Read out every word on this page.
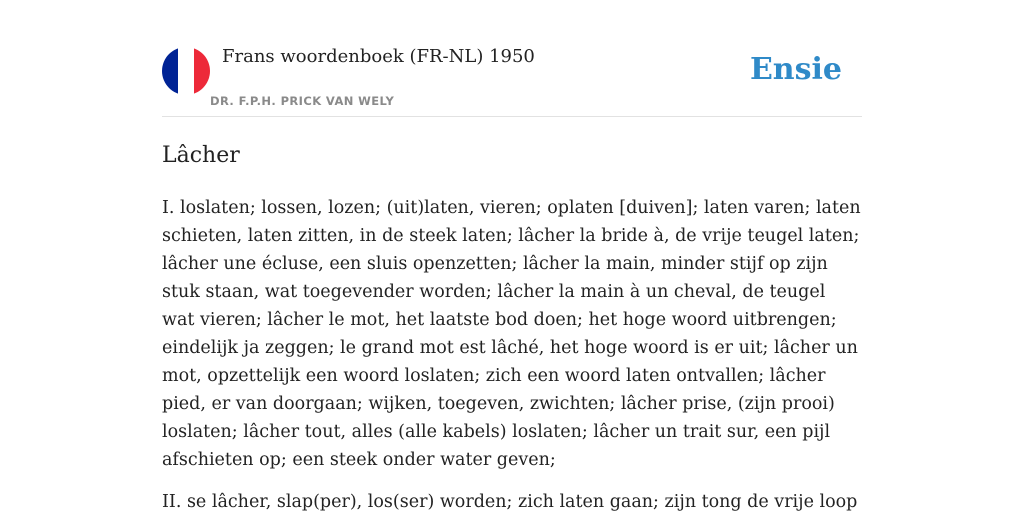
Frans woordenboek (FR-NL) 1950
DR. F.P.H. PRICK VAN WELY
Ensie
Lâcher

I. loslaten; lossen, lozen; (uit)laten, vieren; oplaten [duiven]; laten varen; laten schieten, laten zitten, in de steek laten; lâcher la bride à, de vrije teugel laten; lâcher une écluse, een sluis openzetten; lâcher la main, minder stijf op zijn stuk staan, wat toegevender worden; lâcher la main à un cheval, de teugel wat vieren; lâcher le mot, het laatste bod doen; het hoge woord uitbrengen; eindelijk ja zeggen; le grand mot est lâché, het hoge woord is er uit; lâcher un mot, opzettelijk een woord loslaten; zich een woord laten ontvallen; lâcher pied, er van doorgaan; wijken, toegeven, zwichten; lâcher prise, (zijn prooi) loslaten; lâcher tout, alles (alle kabels) loslaten; lâcher un trait sur, een pijl afschieten op; een steek onder water geven;

II. se lâcher, slap(per), los(ser) worden; zich laten gaan; zijn tong de vrije loop
